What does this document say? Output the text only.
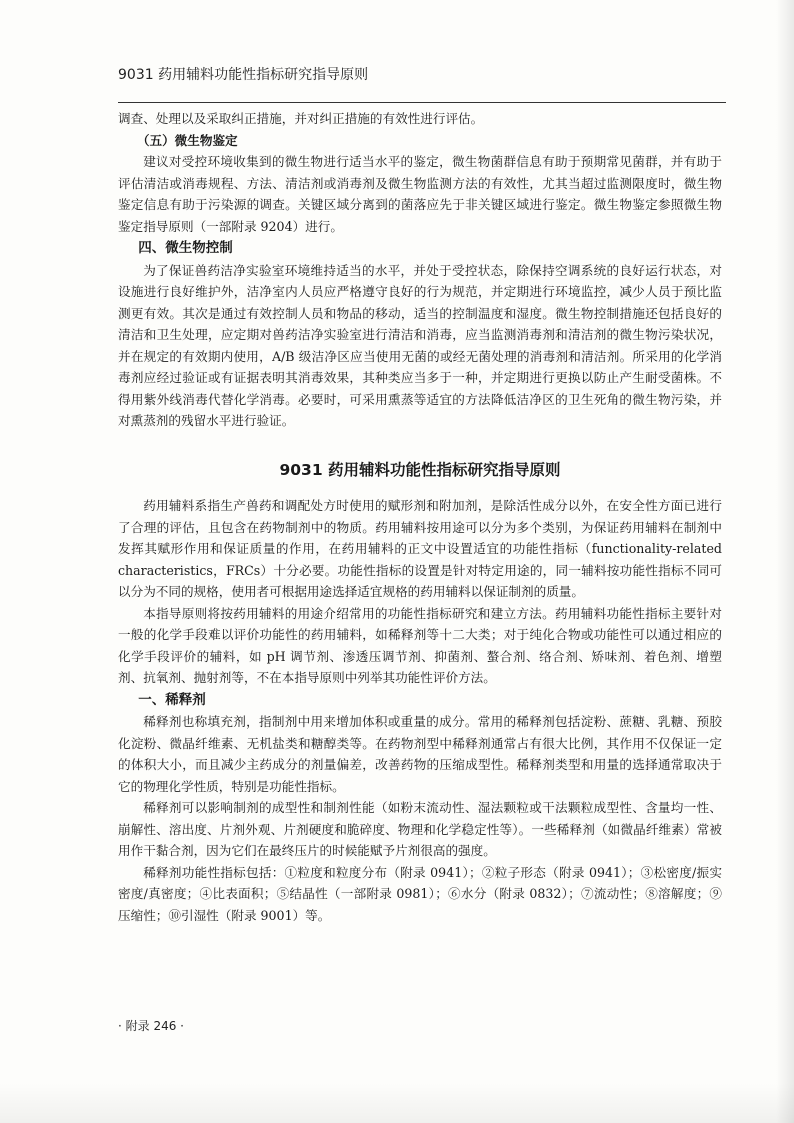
9031 药用辅料功能性指标研究指导原则

调查、处理以及采取纠正措施，并对纠正措施的有效性进行评估。

（五）微生物鉴定

建议对受控环境收集到的微生物进行适当水平的鉴定，微生物菌群信息有助于预期常见菌群，并有助于评估清洁或消毒规程、方法、清洁剂或消毒剂及微生物监测方法的有效性，尤其当超过监测限度时，微生物鉴定信息有助于污染源的调查。关键区域分离到的菌落应先于非关键区域进行鉴定。微生物鉴定参照微生物鉴定指导原则（一部附录 9204）进行。

四、微生物控制

为了保证兽药洁净实验室环境维持适当的水平，并处于受控状态，除保持空调系统的良好运行状态，对设施进行良好维护外，洁净室内人员应严格遵守良好的行为规范，并定期进行环境监控，减少人员于预比监测更有效。其次是通过有效控制人员和物品的移动，适当的控制温度和湿度。微生物控制措施还包括良好的清洁和卫生处理，应定期对兽药洁净实验室进行清洁和消毒，应当监测消毒剂和清洁剂的微生物污染状况，并在规定的有效期内使用，A/B 级洁净区应当使用无菌的或经无菌处理的消毒剂和清洁剂。所采用的化学消毒剂应经过验证或有证据表明其消毒效果，其种类应当多于一种，并定期进行更换以防止产生耐受菌株。不得用紫外线消毒代替化学消毒。必要时，可采用熏蒸等适宜的方法降低洁净区的卫生死角的微生物污染，并对熏蒸剂的残留水平进行验证。

9031 药用辅料功能性指标研究指导原则

药用辅料系指生产兽药和调配处方时使用的赋形剂和附加剂，是除活性成分以外，在安全性方面已进行了合理的评估，且包含在药物制剂中的物质。药用辅料按用途可以分为多个类别，为保证药用辅料在制剂中发挥其赋形作用和保证质量的作用，在药用辅料的正文中设置适宜的功能性指标（functionality-related characteristics，FRCs）十分必要。功能性指标的设置是针对特定用途的，同一辅料按功能性指标不同可以分为不同的规格，使用者可根据用途选择适宜规格的药用辅料以保证制剂的质量。

本指导原则将按药用辅料的用途介绍常用的功能性指标研究和建立方法。药用辅料功能性指标主要针对一般的化学手段难以评价功能性的药用辅料，如稀释剂等十二大类；对于纯化合物或功能性可以通过相应的化学手段评价的辅料，如 pH 调节剂、渗透压调节剂、抑菌剂、螯合剂、络合剂、矫味剂、着色剂、增塑剂、抗氧剂、抛射剂等，不在本指导原则中列举其功能性评价方法。

一、稀释剂

稀释剂也称填充剂，指制剂中用来增加体积或重量的成分。常用的稀释剂包括淀粉、蔗糖、乳糖、预胶化淀粉、微晶纤维素、无机盐类和糖醇类等。在药物剂型中稀释剂通常占有很大比例，其作用不仅保证一定的体积大小，而且减少主药成分的剂量偏差，改善药物的压缩成型性。稀释剂类型和用量的选择通常取决于它的物理化学性质，特别是功能性指标。

稀释剂可以影响制剂的成型性和制剂性能（如粉末流动性、湿法颗粒或干法颗粒成型性、含量均一性、崩解性、溶出度、片剂外观、片剂硬度和脆碎度、物理和化学稳定性等）。一些稀释剂（如微晶纤维素）常被用作干黏合剂，因为它们在最终压片的时候能赋予片剂很高的强度。

稀释剂功能性指标包括：①粒度和粒度分布（附录 0941）；②粒子形态（附录 0941）；③松密度/振实密度/真密度；④比表面积；⑤结晶性（一部附录 0981）；⑥水分（附录 0832）；⑦流动性；⑧溶解度；⑨压缩性；⑩引湿性（附录 9001）等。

· 附录 246 ·
